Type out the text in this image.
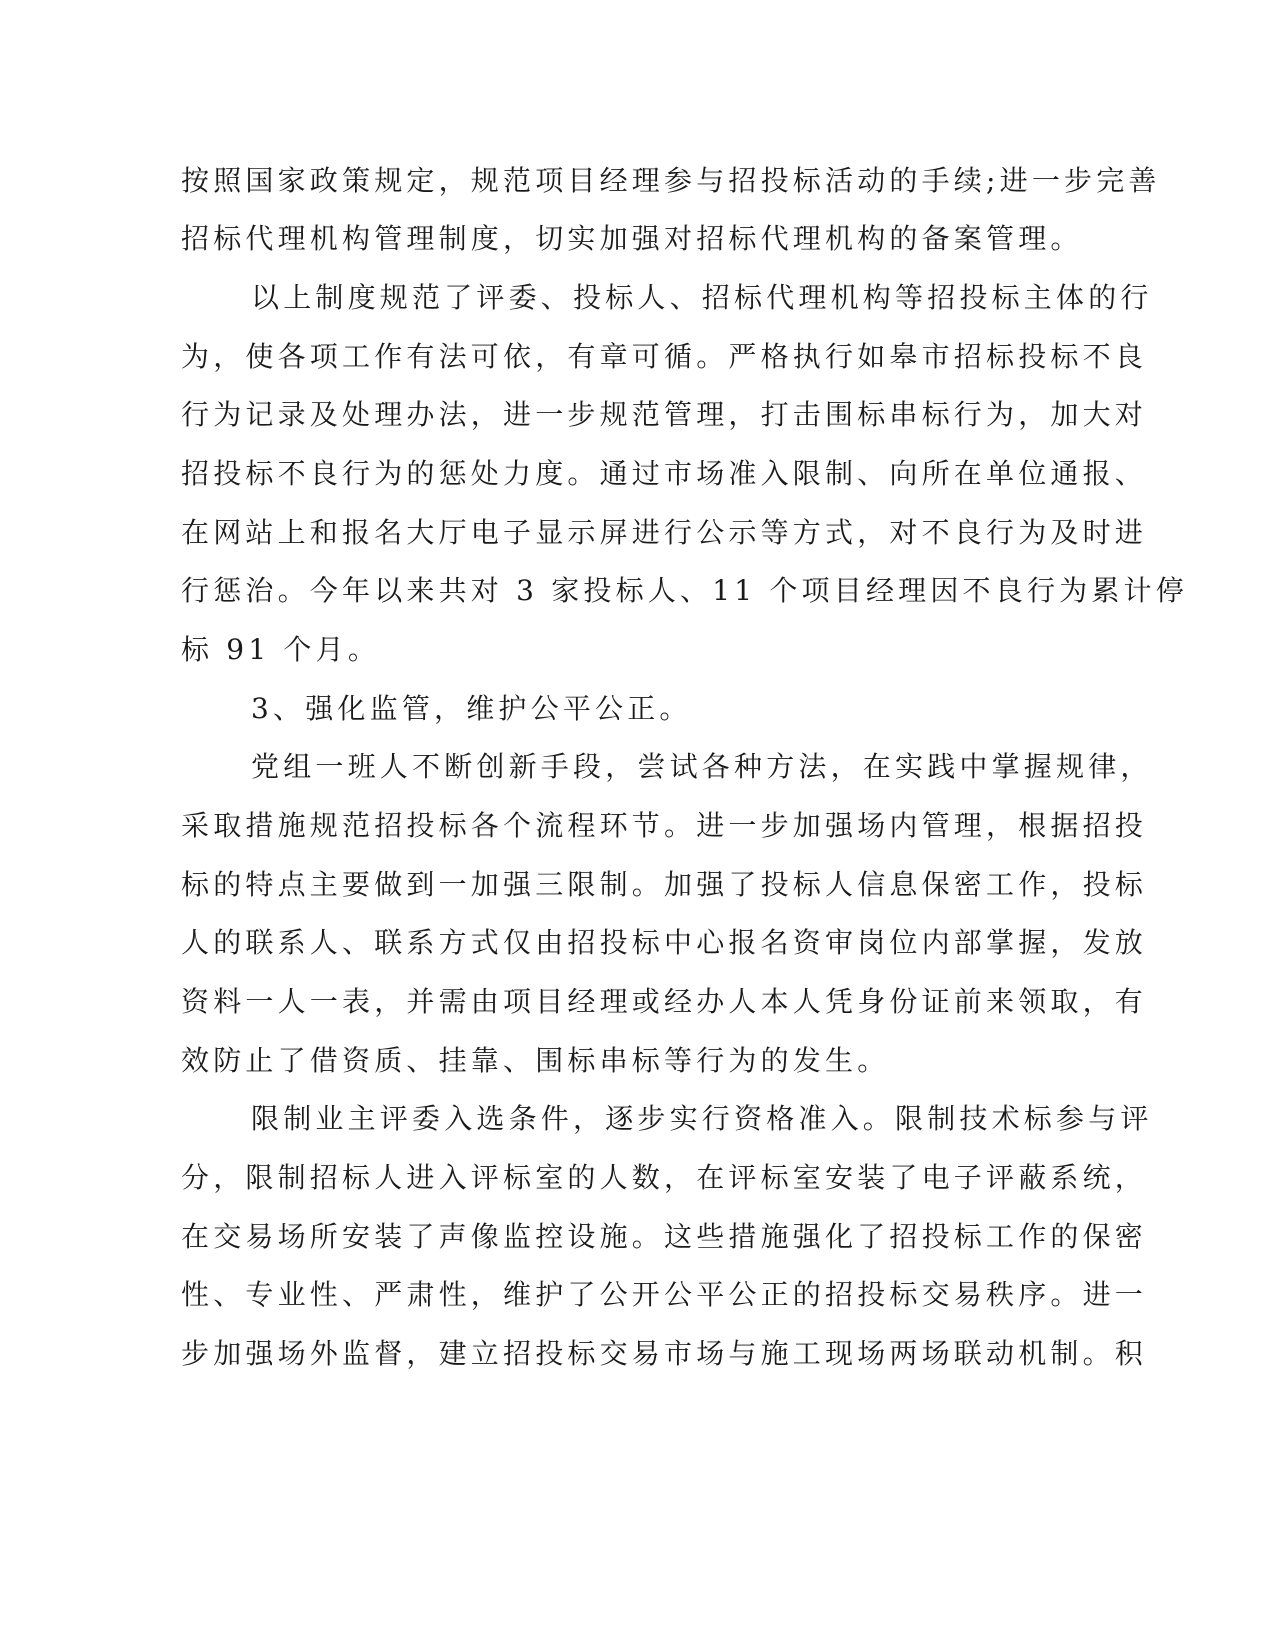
按照国家政策规定，规范项目经理参与招投标活动的手续;进一步完善
招标代理机构管理制度，切实加强对招标代理机构的备案管理。
以上制度规范了评委、投标人、招标代理机构等招投标主体的行
为，使各项工作有法可依，有章可循。严格执行如皋市招标投标不良
行为记录及处理办法，进一步规范管理，打击围标串标行为，加大对
招投标不良行为的惩处力度。通过市场准入限制、向所在单位通报、
在网站上和报名大厅电子显示屏进行公示等方式，对不良行为及时进
行惩治。今年以来共对 3 家投标人、11 个项目经理因不良行为累计停
标 91 个月。
3、强化监管，维护公平公正。
党组一班人不断创新手段，尝试各种方法，在实践中掌握规律，
采取措施规范招投标各个流程环节。进一步加强场内管理，根据招投
标的特点主要做到一加强三限制。加强了投标人信息保密工作，投标
人的联系人、联系方式仅由招投标中心报名资审岗位内部掌握，发放
资料一人一表，并需由项目经理或经办人本人凭身份证前来领取，有
效防止了借资质、挂靠、围标串标等行为的发生。
限制业主评委入选条件，逐步实行资格准入。限制技术标参与评
分，限制招标人进入评标室的人数，在评标室安装了电子评蔽系统，
在交易场所安装了声像监控设施。这些措施强化了招投标工作的保密
性、专业性、严肃性，维护了公开公平公正的招投标交易秩序。进一
步加强场外监督，建立招投标交易市场与施工现场两场联动机制。积
